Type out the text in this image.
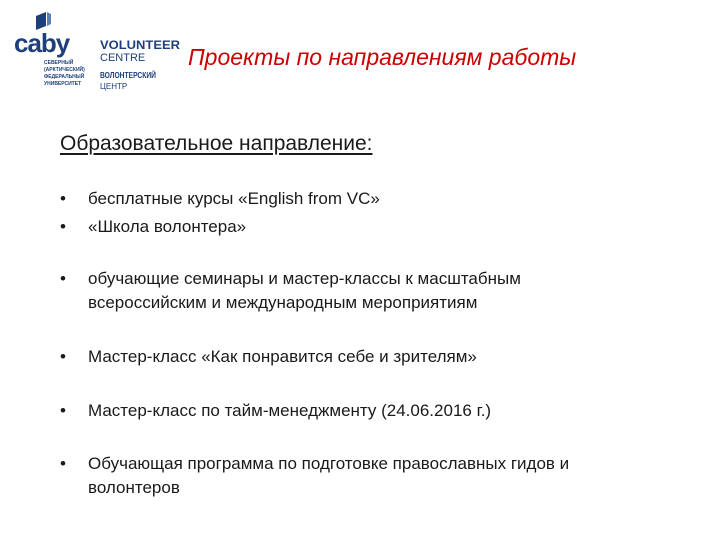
caby
СЕВЕРНЫЙ
(АРКТИЧЕСКИЙ)
ФЕДЕРАЛЬНЫЙ
УНИВЕРСИТЕТ
VOLUNTEER
CENTRE
ВОЛОНТЕРСКИЙ
ЦЕНТР
Проекты по направлениям работы
Образовательное направление:
•	бесплатные курсы «English from VC»
•	«Школа волонтера»
•	обучающие семинары и мастер-классы к масштабным
всероссийским и международным мероприятиям
•	Мастер-класс «Как понравится себе и зрителям»
•	Мастер-класс по тайм-менеджменту (24.06.2016 г.)
•	Обучающая программа по подготовке православных гидов и
волонтеров
